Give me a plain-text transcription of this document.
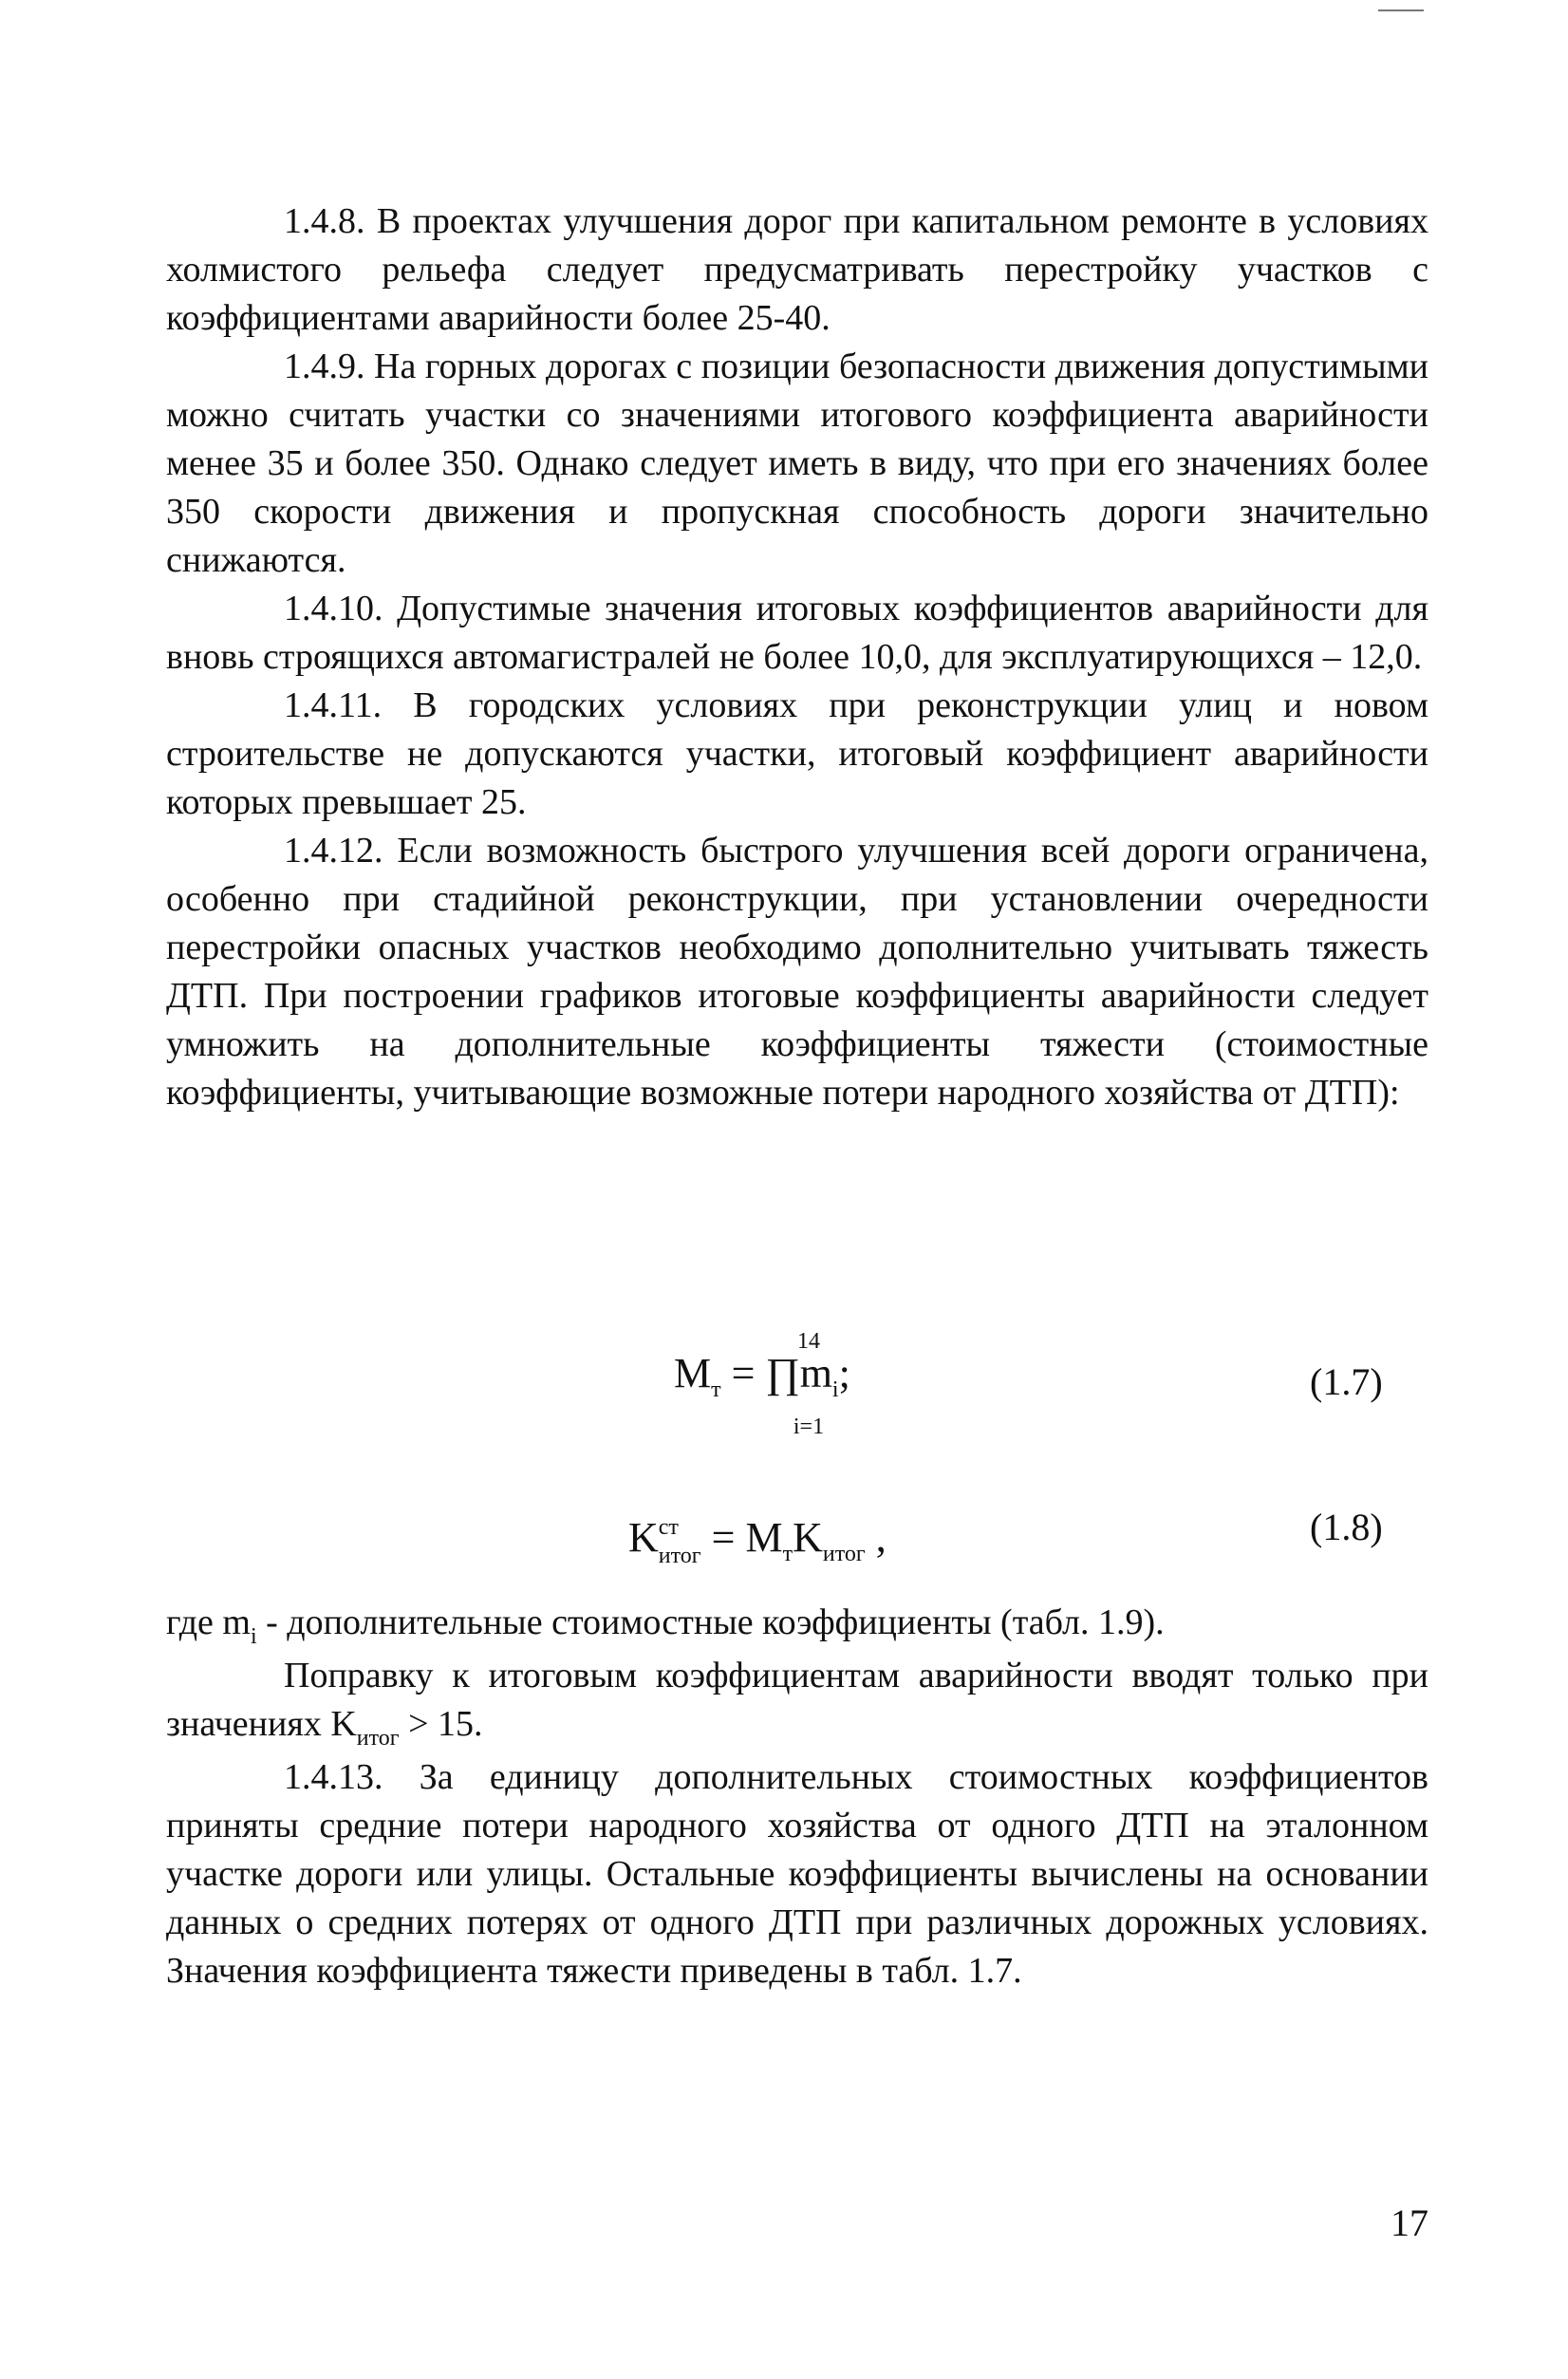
1.4.8. В проектах улучшения дорог при капитальном ремонте в условиях холмистого рельефа следует предусматривать перестройку участков с коэффициентами аварийности более 25-40.

1.4.9. На горных дорогах с позиции безопасности движения допустимыми можно считать участки со значениями итогового коэффициента аварийности менее 35 и более 350. Однако следует иметь в виду, что при его значениях более 350 скорости движения и пропускная способность дороги значительно снижаются.

1.4.10. Допустимые значения итоговых коэффициентов аварийности для вновь строящихся автомагистралей не более 10,0, для эксплуатирующихся – 12,0.

1.4.11. В городских условиях при реконструкции улиц и новом строительстве не допускаются участки, итоговый коэффициент аварийности которых превышает 25.

1.4.12. Если возможность быстрого улучшения всей дороги ограничена, особенно при стадийной реконструкции, при установлении очередности перестройки опасных участков необходимо дополнительно учитывать тяжесть ДТП. При построении графиков итоговые коэффициенты аварийности следует умножить на дополнительные коэффициенты тяжести (стоимостные коэффициенты, учитывающие возможные потери народного хозяйства от ДТП):

14
$M_т$ = $\prod m_i$;
i=1
(1.7)
K ст
итог = $M_тK_{итог}$ ,	(1.8)

где $m_i$ - дополнительные стоимостные коэффициенты (табл. 1.9).

Поправку к итоговым коэффициентам аварийности вводят только при значениях $K_{итог} > 15$.

1.4.13. За единицу дополнительных стоимостных коэффициентов приняты средние потери народного хозяйства от одного ДТП на эталонном участке дороги или улицы. Остальные коэффициенты вычислены на основании данных о средних потерях от одного ДТП при различных дорожных условиях. Значения коэффициента тяжести приведены в табл. 1.7.

17
